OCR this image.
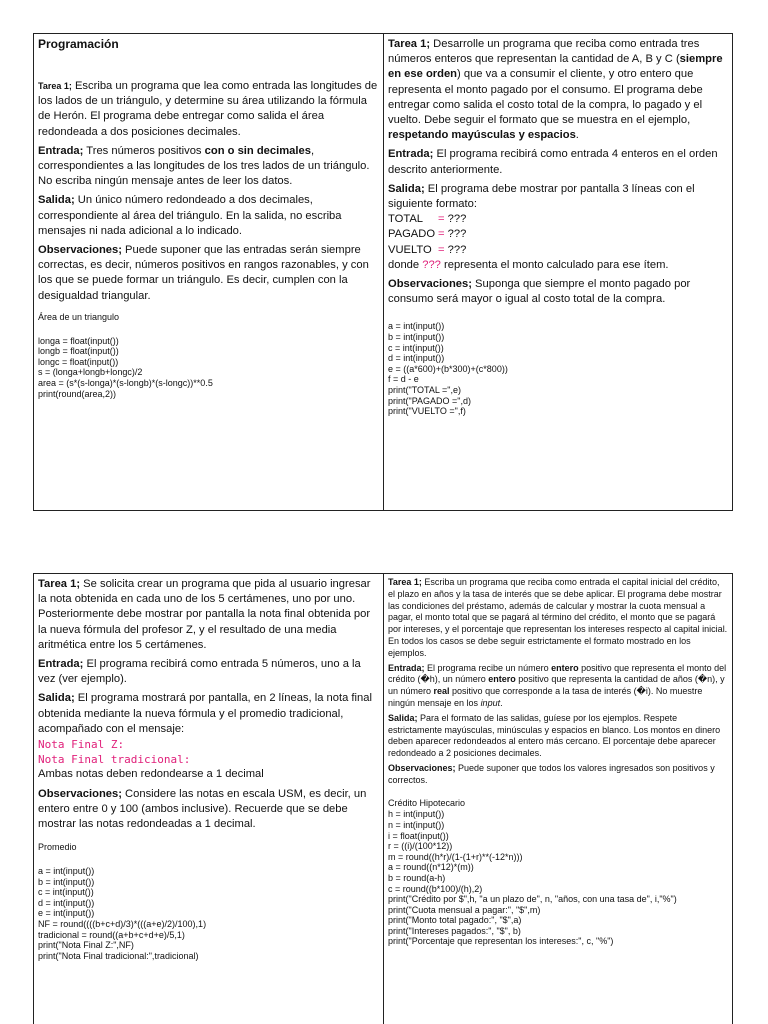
Programación

Tarea 1; Escriba un programa que lea como entrada las longitudes de los lados de un triángulo, y determine su área utilizando la fórmula de Herón. El programa debe entregar como salida el área redondeada a dos posiciones decimales.

Entrada; Tres números positivos con o sin decimales, correspondientes a las longitudes de los tres lados de un triángulo. No escriba ningún mensaje antes de leer los datos.

Salida; Un único número redondeado a dos decimales, correspondiente al área del triángulo. En la salida, no escriba mensajes ni nada adicional a lo indicado.

Observaciones; Puede suponer que las entradas serán siempre correctas, es decir, números positivos en rangos razonables, y con los que se puede formar un triángulo. Es decir, cumplen con la desigualdad triangular.

Área de un triangulo

longa = float(input())
longb = float(input())
longc = float(input())
s = (longa+longb+longc)/2
area = (s*(s-longa)*(s-longb)*(s-longc))**0.5
print(round(area,2))

Tarea 1; Desarrolle un programa que reciba como entrada tres números enteros que representan la cantidad de A, B y C (siempre en ese orden) que va a consumir el cliente, y otro entero que representa el monto pagado por el consumo. El programa debe entregar como salida el costo total de la compra, lo pagado y el vuelto. Debe seguir el formato que se muestra en el ejemplo, respetando mayúsculas y espacios.

Entrada; El programa recibirá como entrada 4 enteros en el orden descrito anteriormente.

Salida; El programa debe mostrar por pantalla 3 líneas con el siguiente formato:

TOTAL = ???
PAGADO = ???
VUELTO = ???

donde ??? representa el monto calculado para ese ítem.

Observaciones; Suponga que siempre el monto pagado por consumo será mayor o igual al costo total de la compra.

a = int(input())
b = int(input())
c = int(input())
d = int(input())
e = ((a*600)+(b*300)+(c*800))
f = d - e
print("TOTAL =",e)
print("PAGADO =",d)
print("VUELTO =",f)

Tarea 1; Se solicita crear un programa que pida al usuario ingresar la nota obtenida en cada uno de los 5 certámenes, uno por uno. Posteriormente debe mostrar por pantalla la nota final obtenida por la nueva fórmula del profesor Z, y el resultado de una media aritmética entre los 5 certámenes.

Entrada; El programa recibirá como entrada 5 números, uno a la vez (ver ejemplo).

Salida; El programa mostrará por pantalla, en 2 líneas, la nota final obtenida mediante la nueva fórmula y el promedio tradicional, acompañado con el mensaje:

Nota Final Z:
Nota Final tradicional:

Ambas notas deben redondearse a 1 decimal

Observaciones; Considere las notas en escala USM, es decir, un entero entre 0 y 100 (ambos inclusive). Recuerde que se debe mostrar las notas redondeadas a 1 decimal.

Promedio

a = int(input())
b = int(input())
c = int(input())
d = int(input())
e = int(input())
NF = round((((b+c+d)/3)*(((a+e)/2)/100),1)
tradicional = round((a+b+c+d+e)/5,1)
print("Nota Final Z:",NF)
print("Nota Final tradicional:",tradicional)

Tarea 1; Escriba un programa que reciba como entrada el capital inicial del crédito, el plazo en años y la tasa de interés que se debe aplicar. El programa debe mostrar las condiciones del préstamo, además de calcular y mostrar la cuota mensual a pagar, el monto total que se pagará al término del crédito, el monto que se pagará por intereses, y el porcentaje que representan los intereses respecto al capital inicial. En todos los casos se debe seguir estrictamente el formato mostrado en los ejemplos.

Entrada; El programa recibe un número entero positivo que representa el monto del crédito (�h), un número entero positivo que representa la cantidad de años (�n), y un número real positivo que corresponde a la tasa de interés (�i). No muestre ningún mensaje en los input.

Salida; Para el formato de las salidas, guíese por los ejemplos. Respete estrictamente mayúsculas, minúsculas y espacios en blanco. Los montos en dinero deben aparecer redondeados al entero más cercano. El porcentaje debe aparecer redondeado a 2 posiciones decimales.

Observaciones; Puede suponer que todos los valores ingresados son positivos y correctos.

Crédito Hipotecario

h = int(input())
n = int(input())
i = float(input())
r = ((i)/(100*12))
m = round((h*r)/(1-(1+r)**(-12*n)))
a = round((n*12)*(m))
b = round(a-h)
c = round((b*100)/(h),2)
print("Crédito por $",h, "a un plazo de", n, "años, con una tasa de", i,"%")
print("Cuota mensual a pagar:", "$",m)
print("Monto total pagado:", "$",a)
print("Intereses pagados:", "$", b)
print("Porcentaje que representan los intereses:", c, "%")
